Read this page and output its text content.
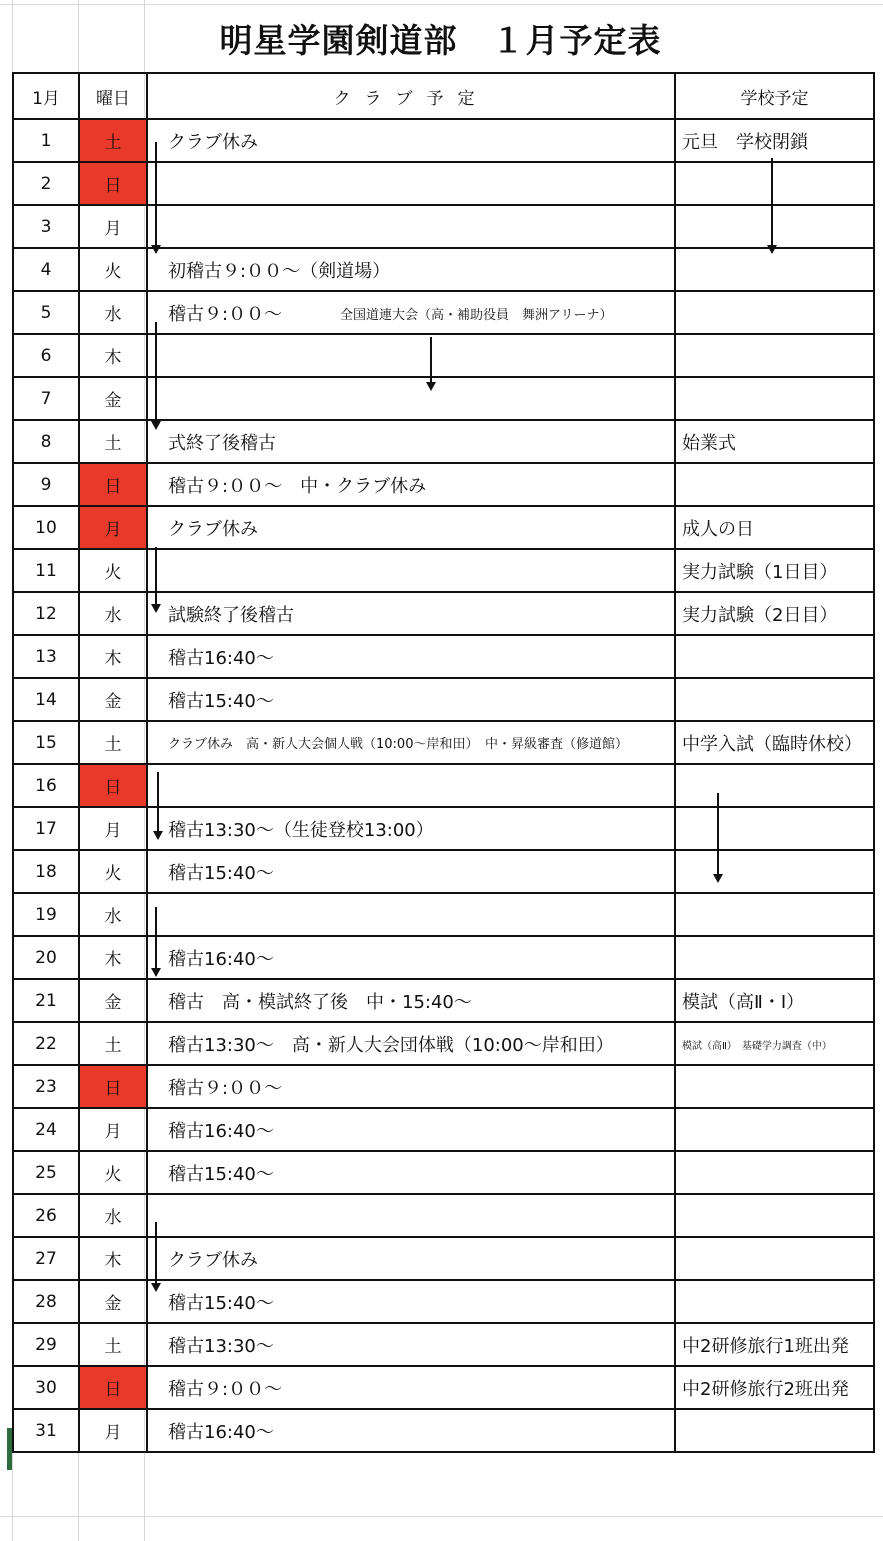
明星学園剣道部　１月予定表
1月	曜日	クラブ予定	学校予定
1	土	クラブ休み	元旦　学校閉鎖
2	日		
3	月		
4	火	初稽古９:００～（剣道場）	
5	水	稽古９:００～ 全国道連大会（高・補助役員　舞洲アリーナ）	

6	木		
7	金		
8	土	式終了後稽古	始業式
9	日	稽古９:００～　中・クラブ休み	
10	月	クラブ休み	成人の日
11	火		実力試験（1日目）
12	水	試験終了後稽古	実力試験（2日目）
13	木	稽古16:40～	
14	金	稽古15:40～	
15	土	クラブ休み　高・新人大会個人戦（10:00～岸和田）　中・昇級審査（修道館）	中学入試（臨時休校）
16	日		
17	月	稽古13:30～（生徒登校13:00）	
18	火	稽古15:40～	
19	水		
20	木	稽古16:40～	
21	金	稽古　高・模試終了後　中・15:40～	模試（高Ⅱ・Ⅰ）
22	土	稽古13:30～　高・新人大会団体戦（10:00～岸和田）	模試（高Ⅱ）　基礎学力調査（中）
23	日	稽古９:００～	
24	月	稽古16:40～	
25	火	稽古15:40～	
26	水		
27	木	クラブ休み	
28	金	稽古15:40～	
29	土	稽古13:30～	中2研修旅行1班出発
30	日	稽古９:００～	中2研修旅行2班出発
31	月	稽古16:40～	
